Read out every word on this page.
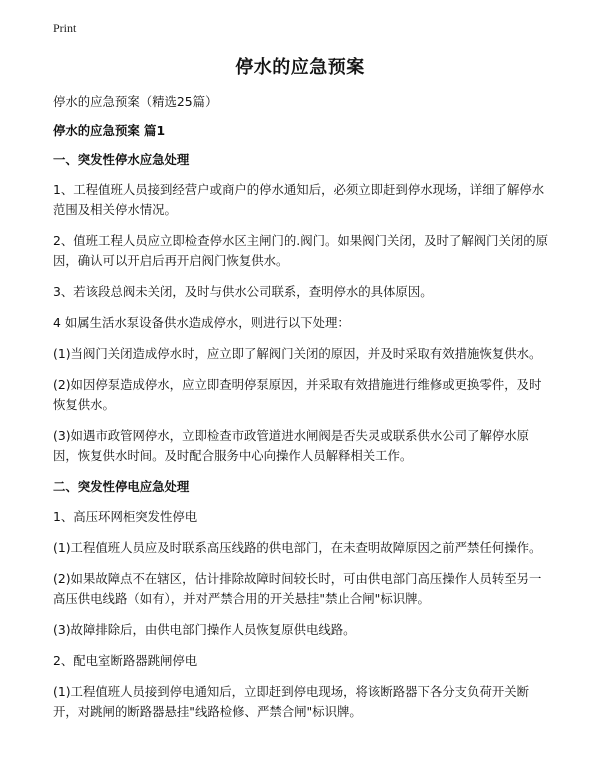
Print
停水的应急预案

停水的应急预案（精选25篇）

停水的应急预案 篇1

一、突发性停水应急处理

1、工程值班人员接到经营户或商户的停水通知后，必须立即赶到停水现场，详细了解停水范围及相关停水情况。

2、值班工程人员应立即检查停水区主闸门的.阀门。如果阀门关闭，及时了解阀门关闭的原因，确认可以开启后再开启阀门恢复供水。

3、若该段总阀未关闭，及时与供水公司联系，查明停水的具体原因。

4 如属生活水泵设备供水造成停水，则进行以下处理：

(1)当阀门关闭造成停水时，应立即了解阀门关闭的原因，并及时采取有效措施恢复供水。

(2)如因停泵造成停水，应立即查明停泵原因，并采取有效措施进行维修或更换零件，及时恢复供水。

(3)如遇市政管网停水，立即检查市政管道进水闸阀是否失灵或联系供水公司了解停水原因，恢复供水时间。及时配合服务中心向操作人员解释相关工作。

二、突发性停电应急处理

1、高压环网柜突发性停电

(1)工程值班人员应及时联系高压线路的供电部门，在未查明故障原因之前严禁任何操作。

(2)如果故障点不在辖区，估计排除故障时间较长时，可由供电部门高压操作人员转至另一高压供电线路（如有），并对严禁合用的开关悬挂"禁止合闸"标识牌。

(3)故障排除后，由供电部门操作人员恢复原供电线路。

2、配电室断路器跳闸停电

(1)工程值班人员接到停电通知后，立即赶到停电现场，将该断路器下各分支负荷开关断开，对跳闸的断路器悬挂"线路检修、严禁合闸"标识牌。
